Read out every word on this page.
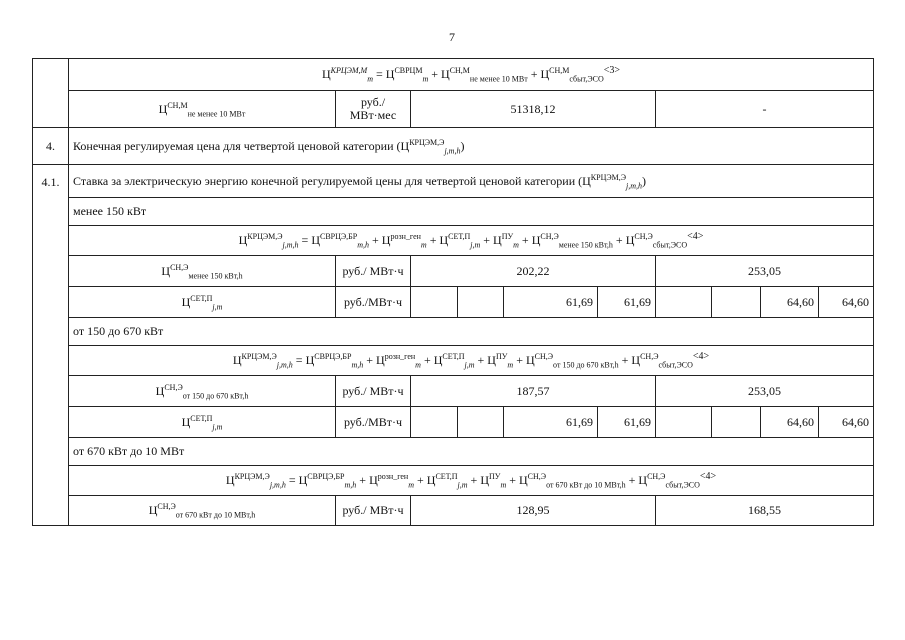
7
	$Ц^{КРЦЭМ,М}_m = Ц^{СВРЦМ}_m + Ц^{СН,М}_{не менее 10 МВт} + Ц^{СН,М}_{сбыт,ЭСО}^{<3>}$
	$Ц^{СН,М}_{не менее 10 МВт}$	руб./
МВт·мес	51318,12				-			
4.	Конечная регулируемая цена для четвертой ценовой категории $(Ц^{КРЦЭМ,Э}_{j,m,h})$									
4.1.	Ставка за электрическую энергию конечной регулируемой цены для четвертой ценовой категории $(Ц^{КРЦЭМ,Э}_{j,m,h})$									
	менее 150 кВт									
	$Ц^{КРЦЭМ,Э}_{j,m,h} = Ц^{СВРЦЭ,БР}_{m,h} + Ц^{розн\_ген}_m + Ц^{СЕТ,П}_{j,m} + Ц^{ПУ}_m + Ц^{СН,Э}_{менее 150 кВт,h} + Ц^{СН,Э}_{сбыт,ЭСО}^{<4>}$
	$Ц^{СН,Э}_{менее 150 кВт,h}$	руб./ МВт·ч	202,22				253,05			
	$Ц^{СЕТ,П}_{j,m}$	руб./МВт·ч			61,69	61,69			64,60	64,60
	от 150 до 670 кВт									
	$Ц^{КРЦЭМ,Э}_{j,m,h} = Ц^{СВРЦЭ,БР}_{m,h} + Ц^{розн\_ген}_m + Ц^{СЕТ,П}_{j,m} + Ц^{ПУ}_m + Ц^{СН,Э}_{от 150 до 670 кВт,h} + Ц^{СН,Э}_{сбыт,ЭСО}^{<4>}$
	$Ц^{СН,Э}_{от 150 до 670 кВт,h}$	руб./ МВт·ч	187,57				253,05			
	$Ц^{СЕТ,П}_{j,m}$	руб./МВт·ч			61,69	61,69			64,60	64,60
	от 670 кВт до 10 МВт									
	$Ц^{КРЦЭМ,Э}_{j,m,h} = Ц^{СВРЦЭ,БР}_{m,h} + Ц^{розн\_ген}_m + Ц^{СЕТ,П}_{j,m} + Ц^{ПУ}_m + Ц^{СН,Э}_{от 670 кВт до 10 МВт,h} + Ц^{СН,Э}_{сбыт,ЭСО}^{<4>}$
	$Ц^{СН,Э}_{от 670 кВт до 10 МВт,h}$	руб./ МВт·ч	128,95				168,55			
